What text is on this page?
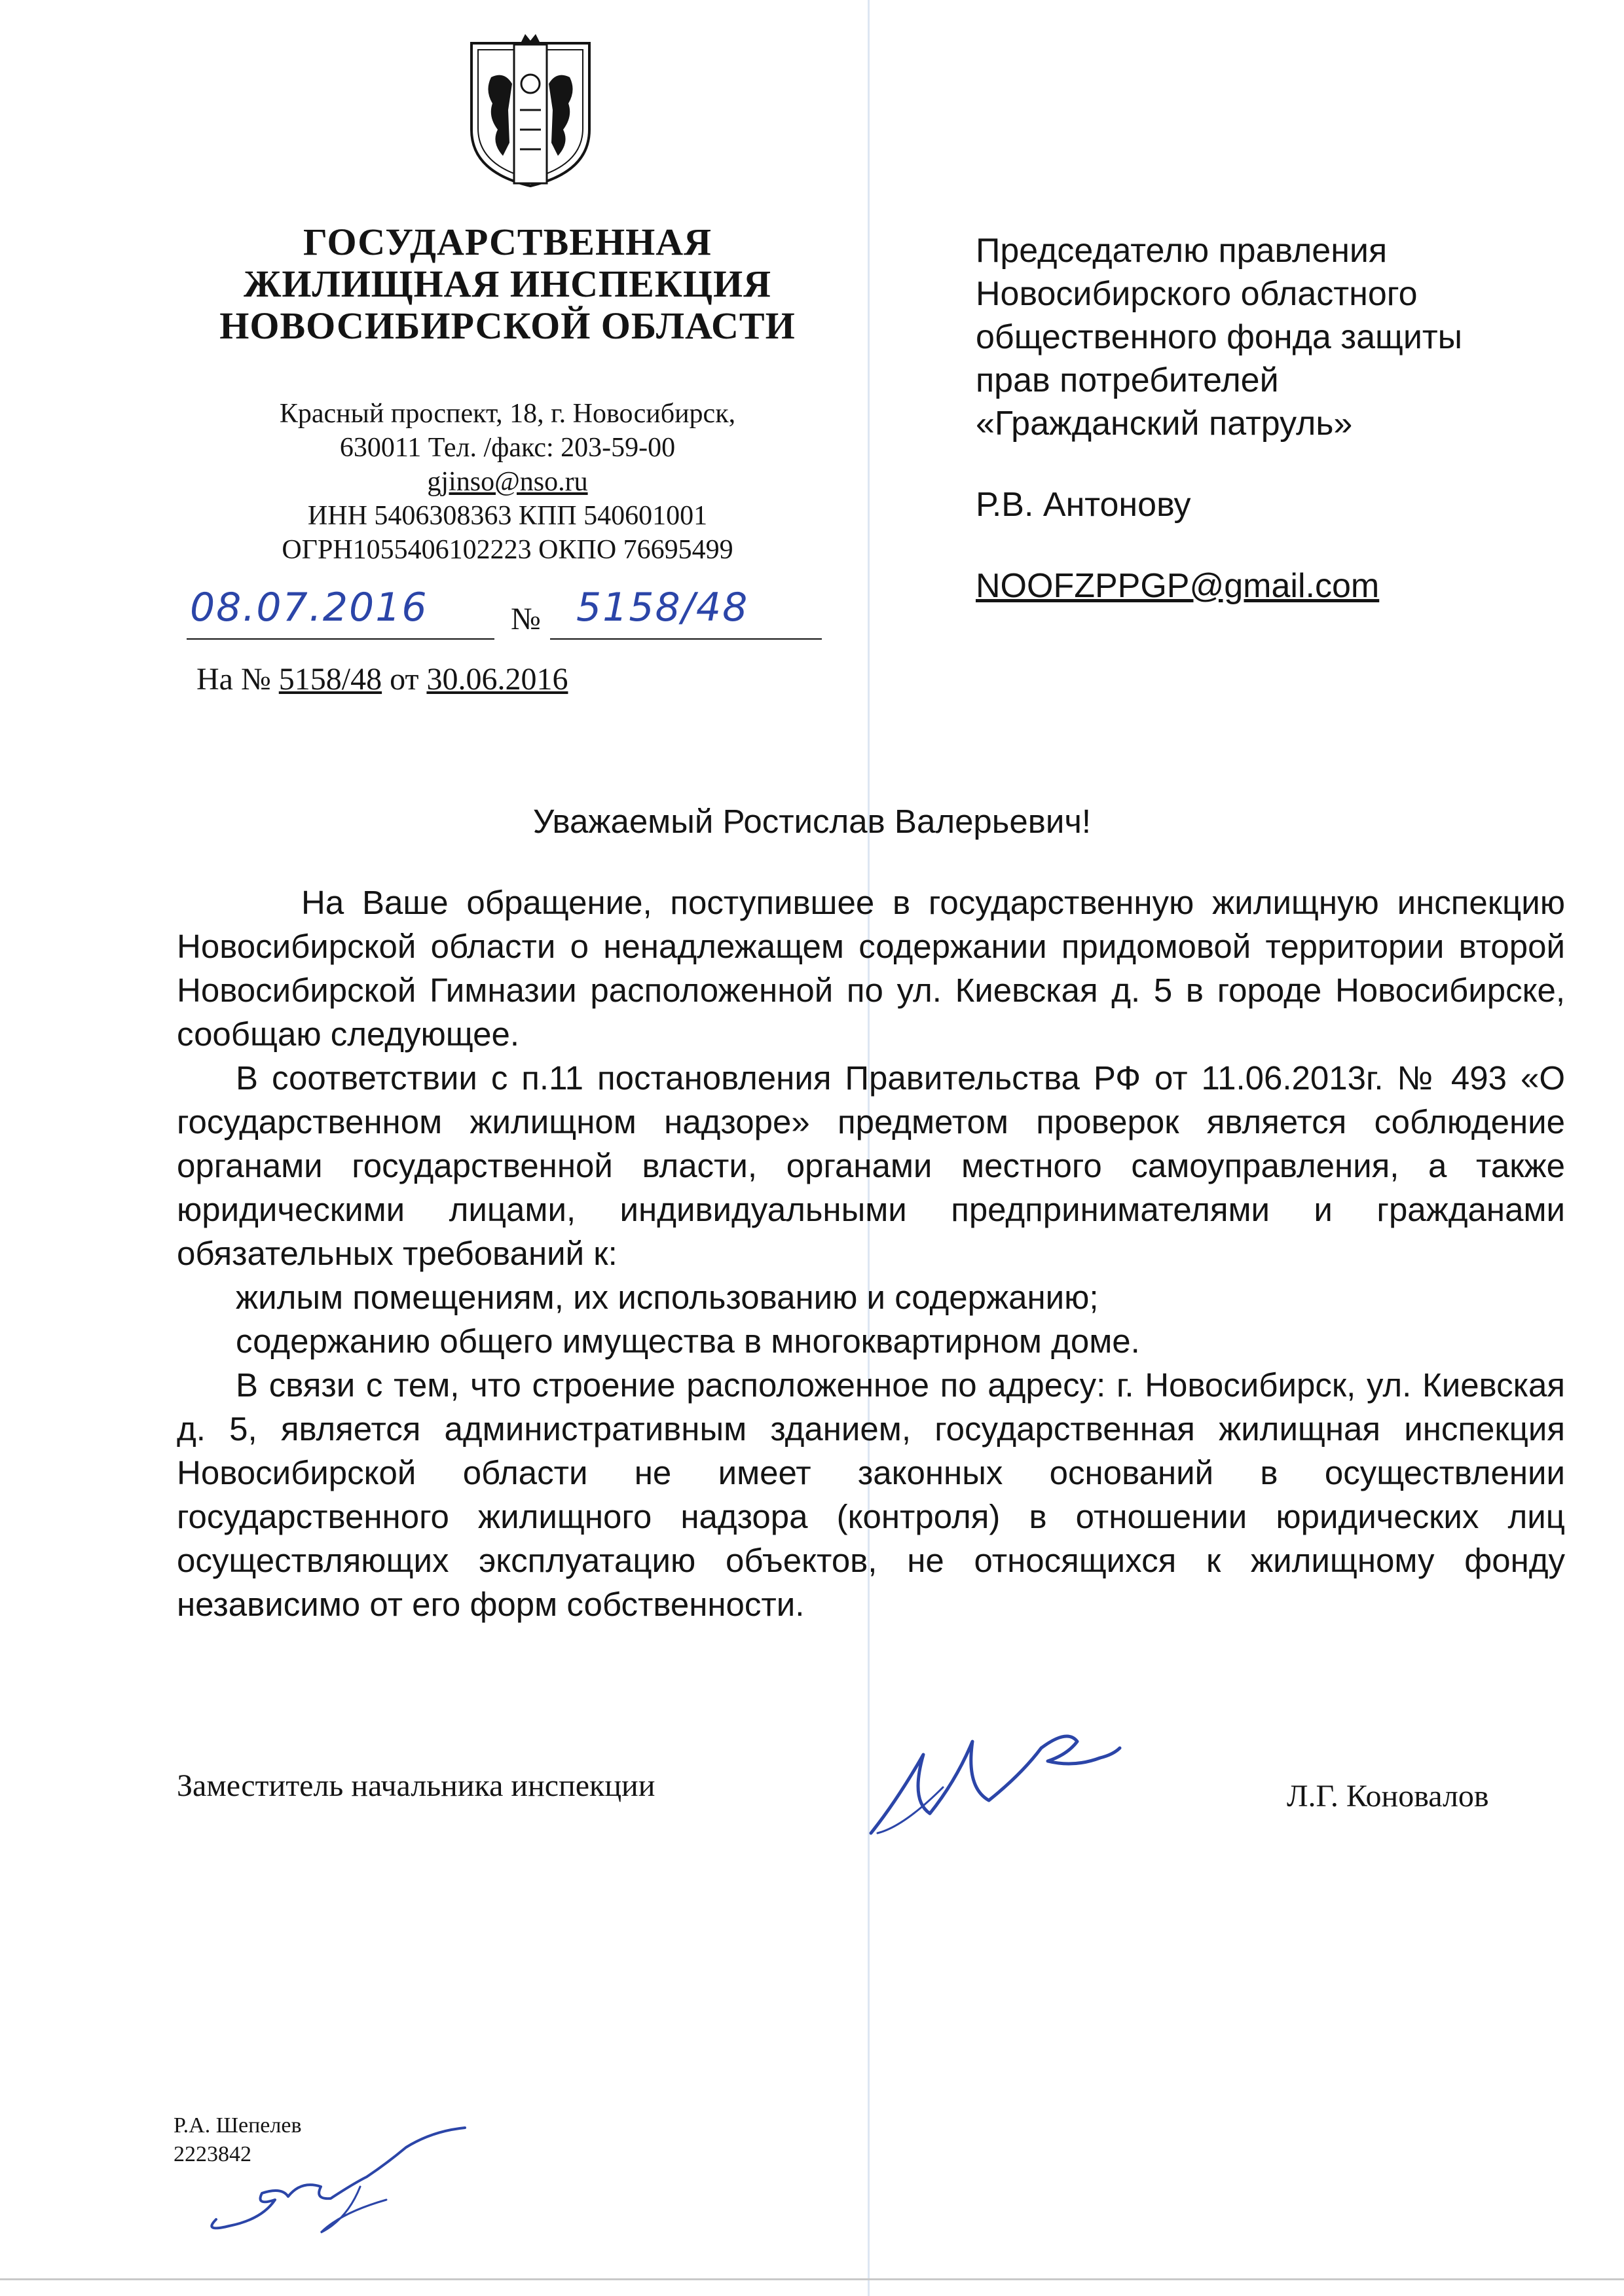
ГОСУДАРСТВЕННАЯ
ЖИЛИЩНАЯ ИНСПЕКЦИЯ
НОВОСИБИРСКОЙ ОБЛАСТИ
Красный проспект, 18, г. Новосибирск,
630011 Тел. /факс: 203-59-00
gjinso@nso.ru
ИНН 5406308363 КПП 540601001
ОГРН1055406102223 ОКПО 76695499
08.07.2016	№ 5158/48
На № 5158/48 от 30.06.2016
Председателю правления
Новосибирского областного
общественного фонда защиты
прав потребителей
«Гражданский патруль»
Р.В. Антонову
NOOFZPPGP@gmail.com
Уважаемый Ростислав Валерьевич!

На Ваше обращение, поступившее в государственную жилищную инспекцию Новосибирской области о ненадлежащем содержании придомовой территории второй Новосибирской Гимназии расположенной по ул. Киевская д. 5 в городе Новосибирске, сообщаю следующее.

В соответствии с п.11 постановления Правительства РФ от 11.06.2013г. № 493 «О государственном жилищном надзоре» предметом проверок является соблюдение органами государственной власти, органами местного самоуправления, а также юридическими лицами, индивидуальными предпринимателями и гражданами обязательных требований к:

жилым помещениям, их использованию и содержанию;

содержанию общего имущества в многоквартирном доме.

В связи с тем, что строение расположенное по адресу: г. Новосибирск, ул. Киевская д. 5, является административным зданием, государственная жилищная инспекция Новосибирской области не имеет законных оснований в осуществлении государственного жилищного надзора (контроля) в отношении юридических лиц осуществляющих эксплуатацию объектов, не относящихся к жилищному фонду независимо от его форм собственности.

Заместитель начальника инспекции	Л.Г. Коновалов
Р.А. Шепелев
2223842
